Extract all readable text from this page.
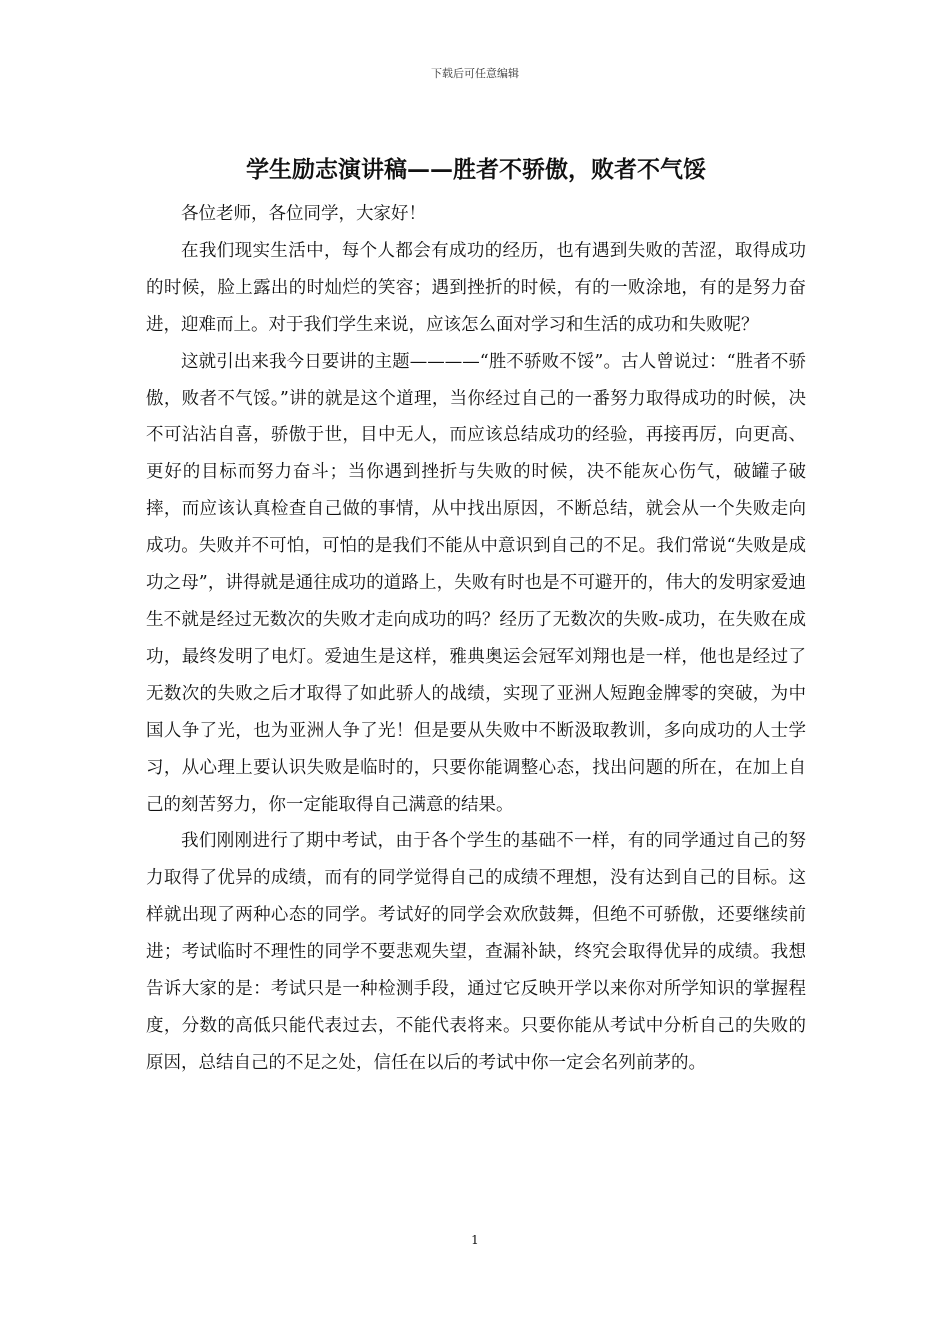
下载后可任意编辑
学生励志演讲稿——胜者不骄傲，败者不气馁

各位老师，各位同学，大家好！

在我们现实生活中，每个人都会有成功的经历，也有遇到失败的苦涩，取得成功的时候，脸上露出的时灿烂的笑容；遇到挫折的时候，有的一败涂地，有的是努力奋进，迎难而上。对于我们学生来说，应该怎么面对学习和生活的成功和失败呢？

这就引出来我今日要讲的主题————“胜不骄败不馁”。古人曾说过：“胜者不骄傲，败者不气馁。”讲的就是这个道理，当你经过自己的一番努力取得成功的时候，决不可沾沾自喜，骄傲于世，目中无人，而应该总结成功的经验，再接再厉，向更高、更好的目标而努力奋斗；当你遇到挫折与失败的时候，决不能灰心伤气，破罐子破摔，而应该认真检查自己做的事情，从中找出原因，不断总结，就会从一个失败走向成功。失败并不可怕，可怕的是我们不能从中意识到自己的不足。我们常说“失败是成功之母”，讲得就是通往成功的道路上，失败有时也是不可避开的，伟大的发明家爱迪生不就是经过无数次的失败才走向成功的吗？经历了无数次的失败-成功，在失败在成功，最终发明了电灯。爱迪生是这样，雅典奥运会冠军刘翔也是一样，他也是经过了无数次的失败之后才取得了如此骄人的战绩，实现了亚洲人短跑金牌零的突破，为中国人争了光，也为亚洲人争了光！但是要从失败中不断汲取教训，多向成功的人士学习，从心理上要认识失败是临时的，只要你能调整心态，找出问题的所在，在加上自己的刻苦努力，你一定能取得自己满意的结果。

我们刚刚进行了期中考试，由于各个学生的基础不一样，有的同学通过自己的努力取得了优异的成绩，而有的同学觉得自己的成绩不理想，没有达到自己的目标。这样就出现了两种心态的同学。考试好的同学会欢欣鼓舞，但绝不可骄傲，还要继续前进；考试临时不理性的同学不要悲观失望，查漏补缺，终究会取得优异的成绩。我想告诉大家的是：考试只是一种检测手段，通过它反映开学以来你对所学知识的掌握程度，分数的高低只能代表过去，不能代表将来。只要你能从考试中分析自己的失败的原因，总结自己的不足之处，信任在以后的考试中你一定会名列前茅的。

1
